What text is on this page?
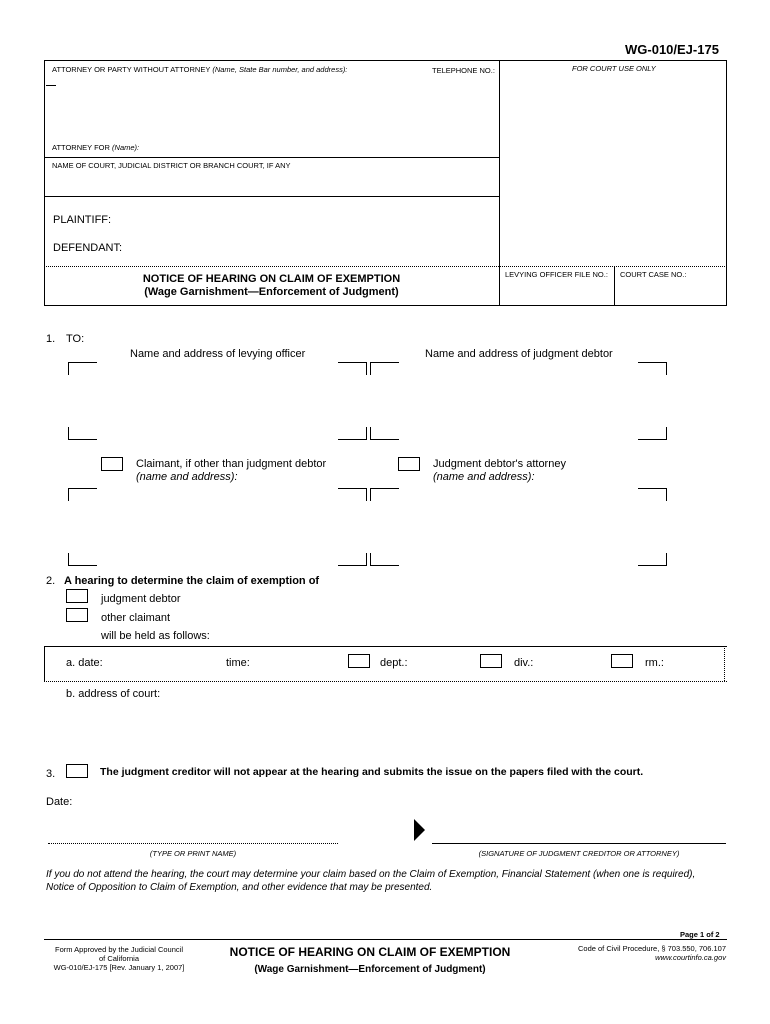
WG-010/EJ-175
ATTORNEY OR PARTY WITHOUT ATTORNEY (Name, State Bar number, and address):	TELEPHONE NO.:	FOR COURT USE ONLY
ATTORNEY FOR (Name):
NAME OF COURT, JUDICIAL DISTRICT OR BRANCH COURT, IF ANY
PLAINTIFF:
DEFENDANT:
NOTICE OF HEARING ON CLAIM OF EXEMPTION
(Wage Garnishment—Enforcement of Judgment)
LEVYING OFFICER FILE NO.: COURT CASE NO.:
1. TO:
Name and address of levying officer	Name and address of judgment debtor
Claimant, if other than judgment debtor
(name and address):
Judgment debtor's attorney
(name and address):
2. A hearing to determine the claim of exemption of
judgment debtor
other claimant
will be held as follows:
a. date:	time:	dept.:	div.:	rm.:
b. address of court:
3.	The judgment creditor will not appear at the hearing and submits the issue on the papers filed with the court.
Date:
(TYPE OR PRINT NAME)	(SIGNATURE OF JUDGMENT CREDITOR OR ATTORNEY)
If you do not attend the hearing, the court may determine your claim based on the Claim of Exemption, Financial Statement (when one is required), Notice of Opposition to Claim of Exemption, and other evidence that may be presented.
Page 1 of 2
Form Approved by the Judicial Council
of California
WG-010/EJ-175 [Rev. January 1, 2007]
NOTICE OF HEARING ON CLAIM OF EXEMPTION
(Wage Garnishment—Enforcement of Judgment)
Code of Civil Procedure, § 703.550, 706.107
www.courtinfo.ca.gov
